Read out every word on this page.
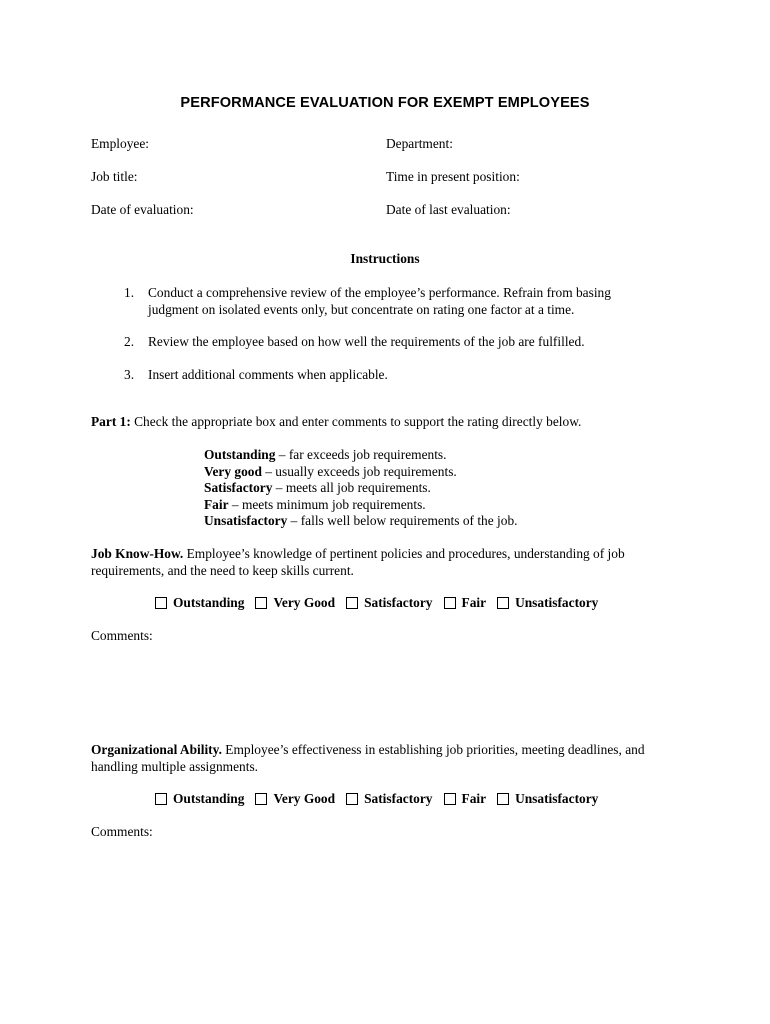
PERFORMANCE EVALUATION FOR EXEMPT EMPLOYEES
Employee:	Department:
Job title:	Time in present position:
Date of evaluation:	Date of last evaluation:
Instructions
1. Conduct a comprehensive review of the employee’s performance. Refrain from basing judgment on isolated events only, but concentrate on rating one factor at a time.
2. Review the employee based on how well the requirements of the job are fulfilled.
3. Insert additional comments when applicable.
Part 1: Check the appropriate box and enter comments to support the rating directly below.
Outstanding – far exceeds job requirements.
Very good – usually exceeds job requirements.
Satisfactory – meets all job requirements.
Fair – meets minimum job requirements.
Unsatisfactory – falls well below requirements of the job.
Job Know-How. Employee’s knowledge of pertinent policies and procedures, understanding of job requirements, and the need to keep skills current.
Outstanding Very Good Satisfactory Fair Unsatisfactory
Comments:
Organizational Ability. Employee’s effectiveness in establishing job priorities, meeting deadlines, and handling multiple assignments.
Outstanding Very Good Satisfactory Fair Unsatisfactory
Comments:
